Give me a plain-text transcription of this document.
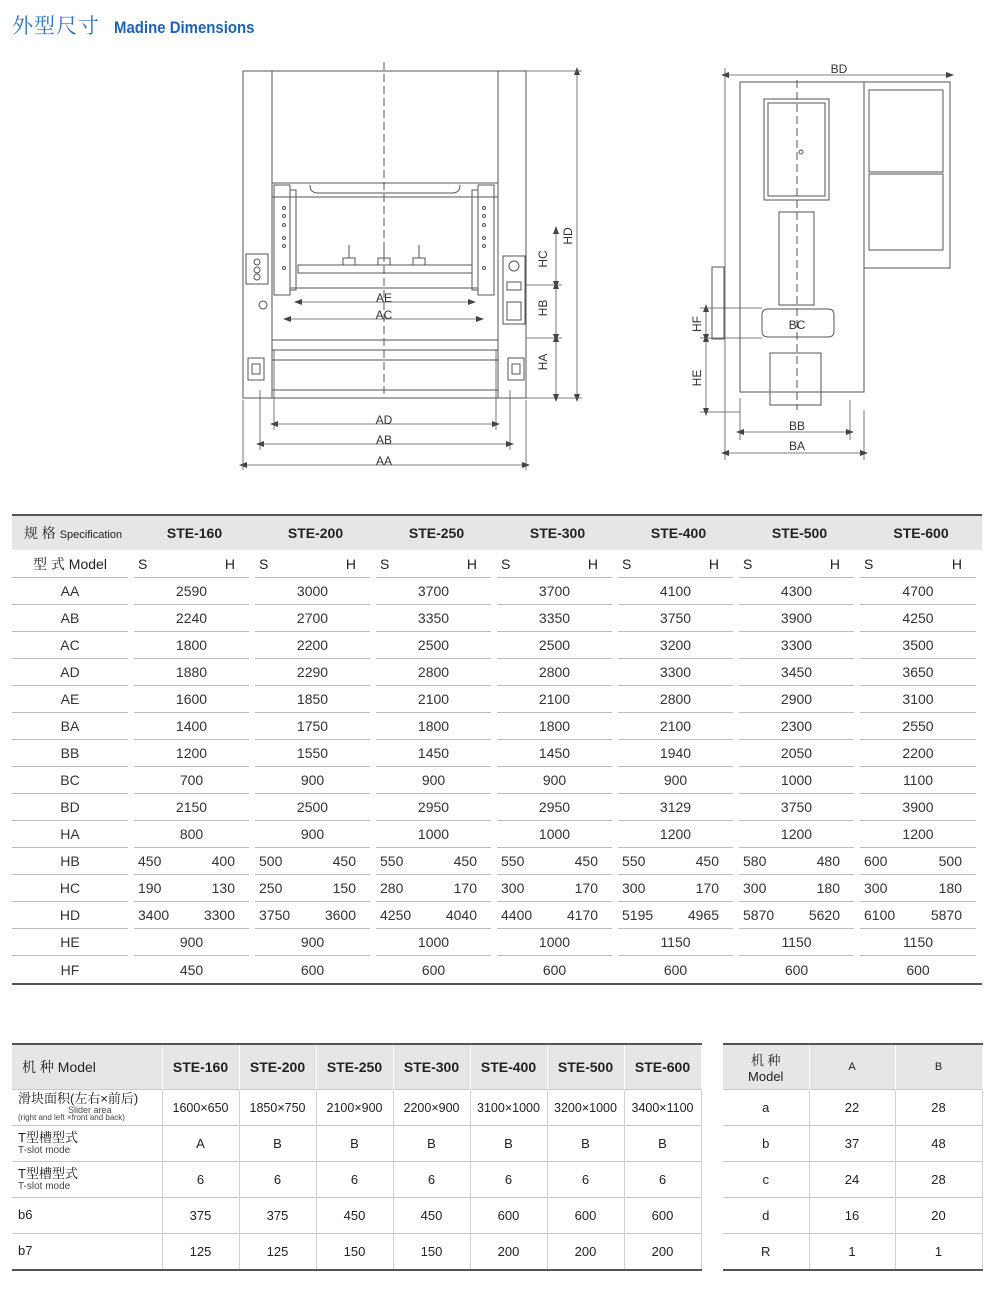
外型尺寸 Madine Dimensions
AE
AC
AD
AB
AA
HD
HC
HB
HA
BD
BC
BB
BA
HF
HE
规 格 Specification	STE-160	STE-200	STE-250	STE-300	STE-400	STE-500	STE-600

型 式 Model	S H	S H	S H	S H	S H	S H	S H

AA	2590	3000	3700	3700	4100	4300	4700

AB	2240	2700	3350	3350	3750	3900	4250

AC	1800	2200	2500	2500	3200	3300	3500

AD	1880	2290	2800	2800	3300	3450	3650

AE	1600	1850	2100	2100	2800	2900	3100

BA	1400	1750	1800	1800	2100	2300	2550

BB	1200	1550	1450	1450	1940	2050	2200

BC	700	900	900	900	900	1000	1100

BD	2150	2500	2950	2950	3129	3750	3900

HA	800	900	1000	1000	1200	1200	1200

HB	450 400	500 450	550 450	550 450	550 450	580 480	600 500

HC	190 130	250 150	280 170	300 170	300 170	300 180	300 180

HD	3400 3300	3750 3600	4250 4040	4400 4170	5195 4965	5870 5620	6100 5870

HE	900	900	1000	1000	1150	1150	1150

HF	450	600	600	600	600	600	600
机 种 Model	STE-160	STE-200	STE-250	STE-300	STE-400	STE-500	STE-600

滑块面积(左右×前后)
Slider area
(right and left ×front and back)	1600×650	1850×750	2100×900	2200×900	3100×1000	3200×1000	3400×1100

T型槽型式
T-slot mode	A	B	B	B	B	B	B

T型槽型式
T-slot mode	6	6	6	6	6	6	6

b6	375	375	450	450	600	600	600

b7	125	125	150	150	200	200	200
机 种
Model	A	B
a	22	28
b	37	48
c	24	28
d	16	20
R	1	1
